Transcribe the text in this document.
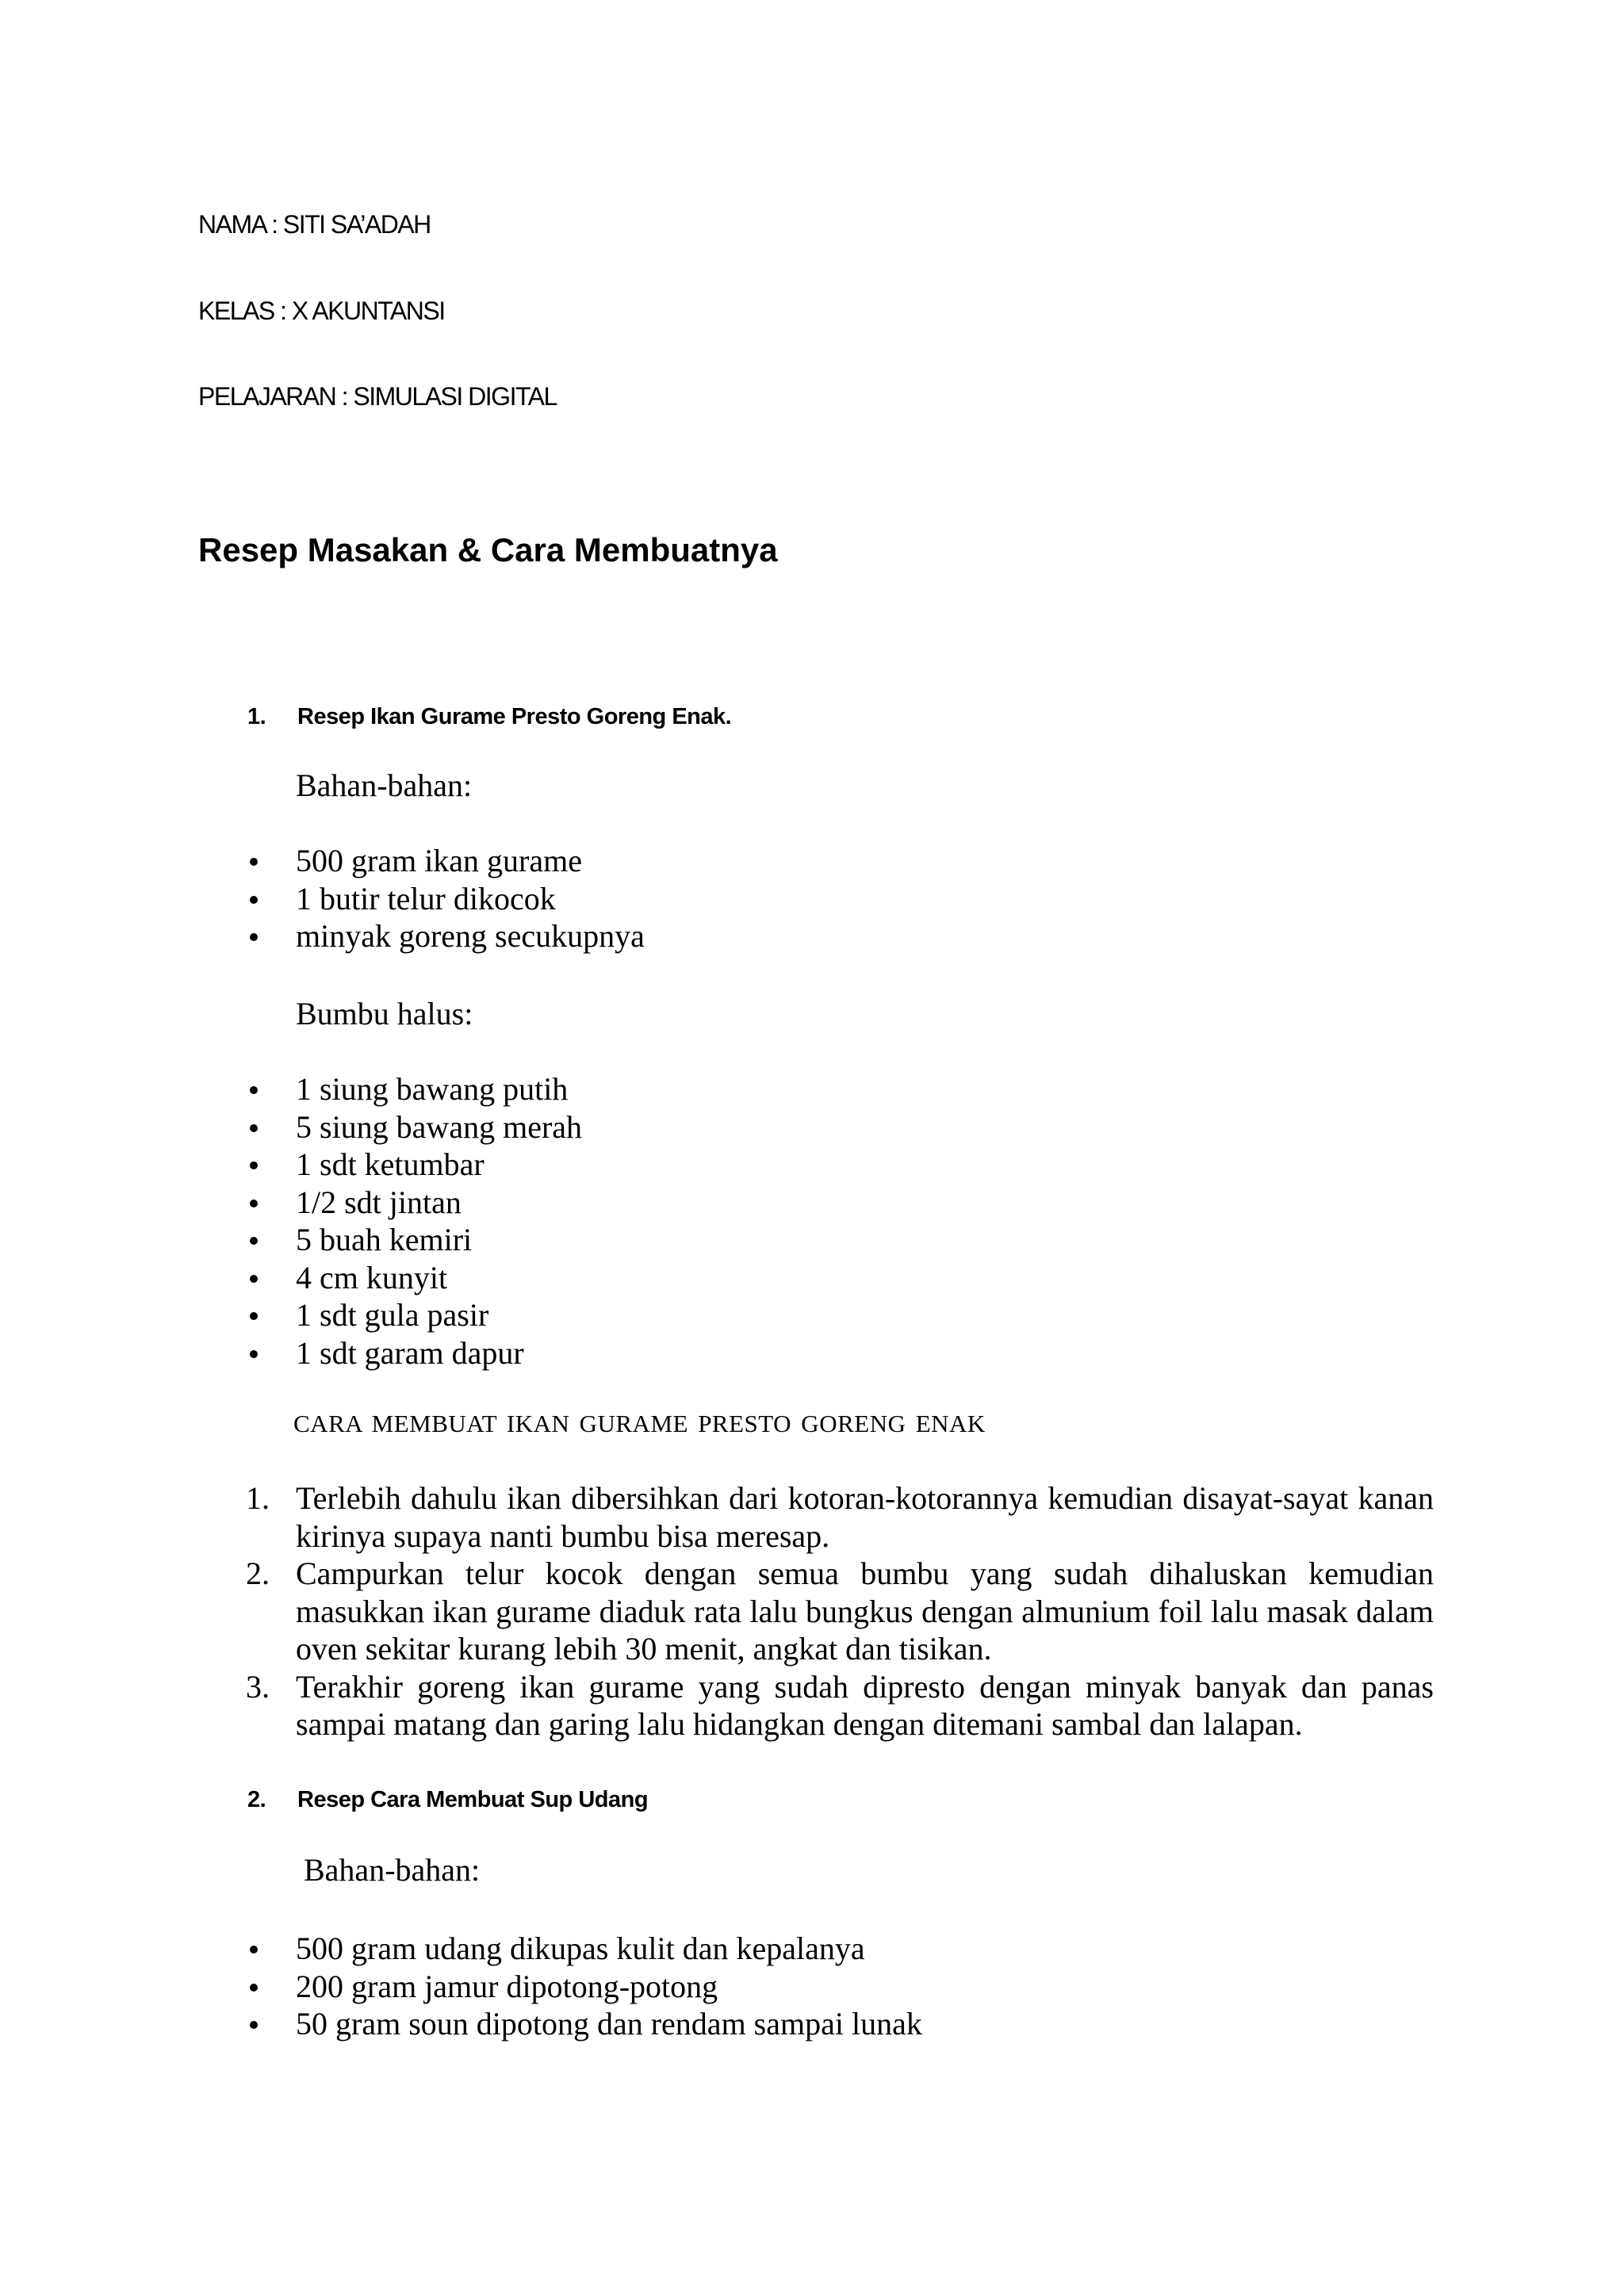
NAMA : SITI SA’ADAH
KELAS : X AKUNTANSI
PELAJARAN : SIMULASI DIGITAL
Resep Masakan & Cara Membuatnya
1. Resep Ikan Gurame Presto Goreng Enak.
Bahan-bahan:
500 gram ikan gurame
1 butir telur dikocok
minyak goreng secukupnya
Bumbu halus:
1 siung bawang putih
5 siung bawang merah
1 sdt ketumbar
1/2 sdt jintan
5 buah kemiri
4 cm kunyit
1 sdt gula pasir
1 sdt garam dapur
CARA MEMBUAT IKAN GURAME PRESTO GORENG ENAK
1. Terlebih dahulu ikan dibersihkan dari kotoran-kotorannya kemudian disayat-sayat kanan kirinya supaya nanti bumbu bisa meresap.
2. Campurkan telur kocok dengan semua bumbu yang sudah dihaluskan kemudian masukkan ikan gurame diaduk rata lalu bungkus dengan almunium foil lalu masak dalam oven sekitar kurang lebih 30 menit, angkat dan tisikan.
3. Terakhir goreng ikan gurame yang sudah dipresto dengan minyak banyak dan panas sampai matang dan garing lalu hidangkan dengan ditemani sambal dan lalapan.
2. Resep Cara Membuat Sup Udang
Bahan-bahan:
500 gram udang dikupas kulit dan kepalanya
200 gram jamur dipotong-potong
50 gram soun dipotong dan rendam sampai lunak
